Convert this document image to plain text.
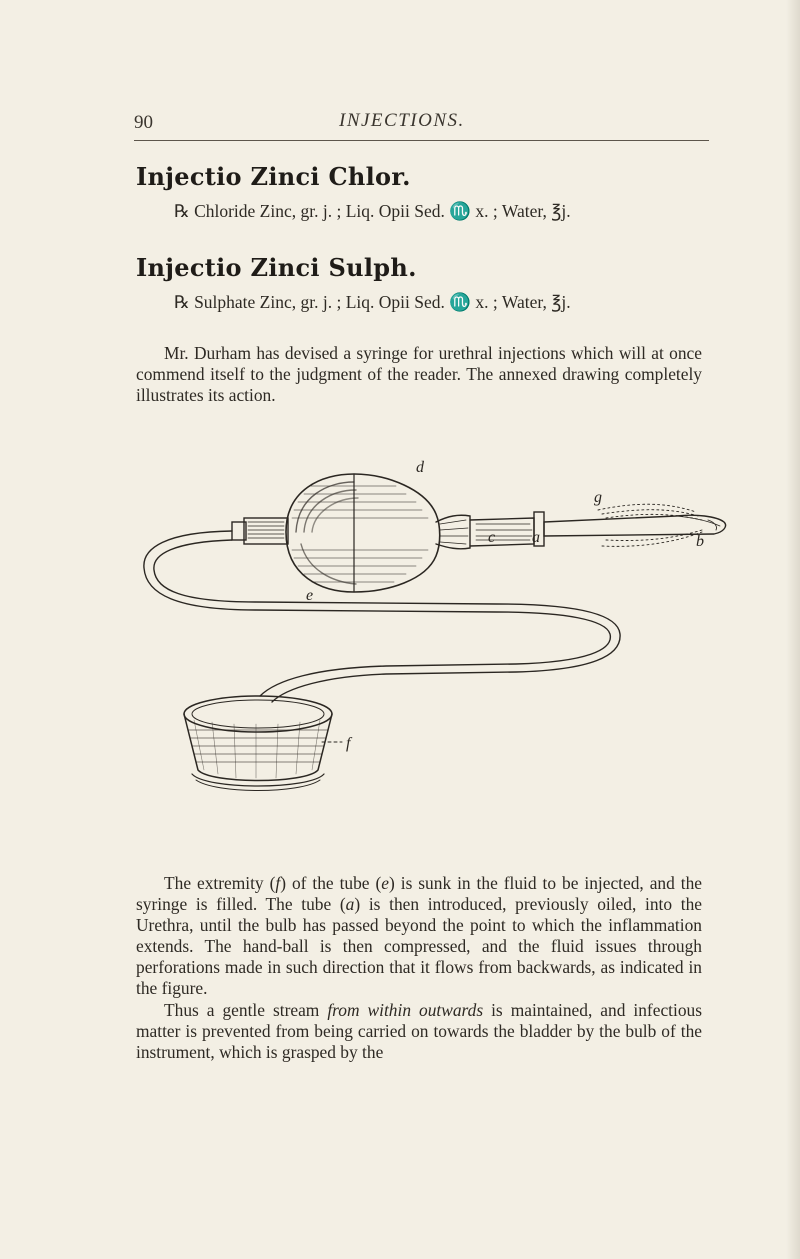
90	INJECTIONS.
Injectio Zinci Chlor.
℞ Chloride Zinc, gr. j. ; Liq. Opii Sed. ♏ x. ; Water, ℥j.
Injectio Zinci Sulph.
℞ Sulphate Zinc, gr. j. ; Liq. Opii Sed. ♏ x. ; Water, ℥j.

Mr. Durham has devised a syringe for urethral injections which will at once commend itself to the judgment of the reader. The annexed drawing completely illustrates its action.

d
g
c a	b
e
f

The extremity (f) of the tube (e) is sunk in the fluid to be injected, and the syringe is filled. The tube (a) is then introduced, previously oiled, into the Urethra, until the bulb has passed beyond the point to which the inflammation extends. The hand-ball is then compressed, and the fluid issues through perforations made in such direction that it flows from backwards, as indicated in the figure.

Thus a gentle stream from within outwards is maintained, and infectious matter is prevented from being carried on towards the bladder by the bulb of the instrument, which is grasped by the
